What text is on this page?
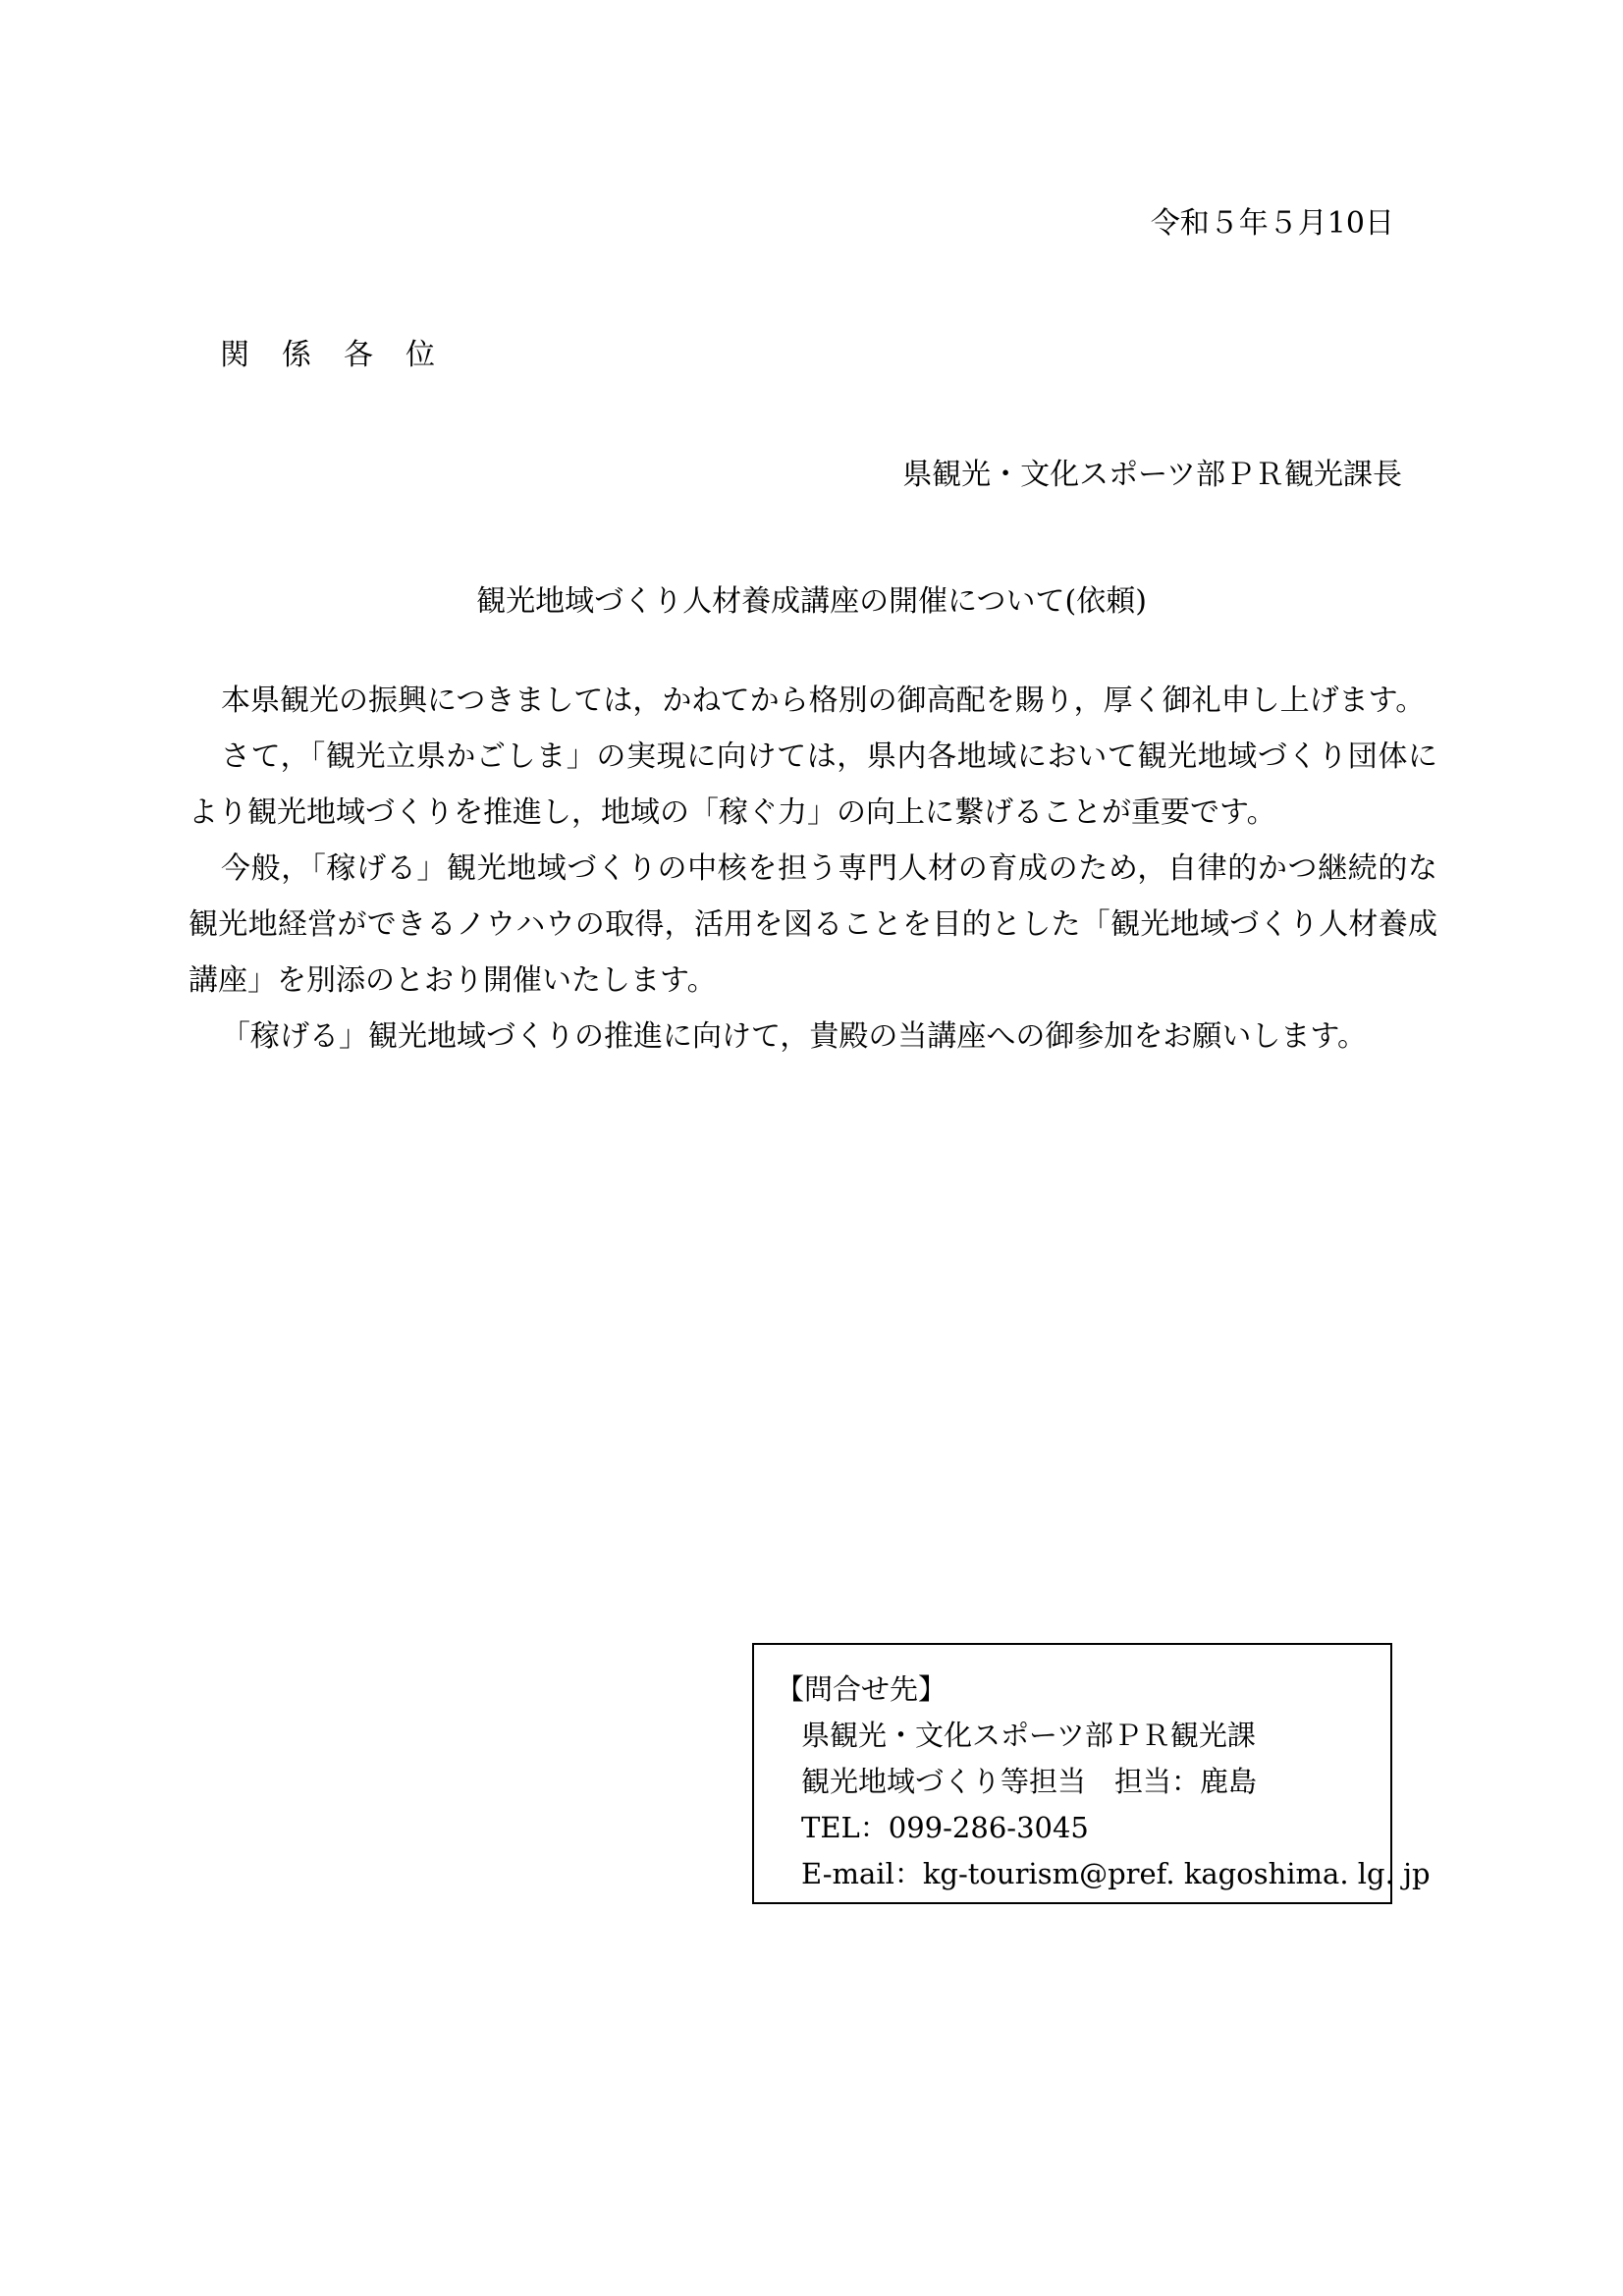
令和５年５月10日
関係各位
県観光・文化スポーツ部ＰＲ観光課長
観光地域づくり人材養成講座の開催について(依頼)

本県観光の振興につきましては，かねてから格別の御高配を賜り，厚く御礼申し上げます。

さて，「観光立県かごしま」の実現に向けては，県内各地域において観光地域づくり団体により観光地域づくりを推進し，地域の「稼ぐ力」の向上に繋げることが重要です。

今般，「稼げる」観光地域づくりの中核を担う専門人材の育成のため，自律的かつ継続的な観光地経営ができるノウハウの取得，活用を図ることを目的とした「観光地域づくり人材養成講座」を別添のとおり開催いたします。

「稼げる」観光地域づくりの推進に向けて，貴殿の当講座への御参加をお願いします。

【問合せ先】
県観光・文化スポーツ部ＰＲ観光課
観光地域づくり等担当　担当：鹿島
TEL：099-286-3045
E-mail：kg-tourism@pref. kagoshima. lg. jp
